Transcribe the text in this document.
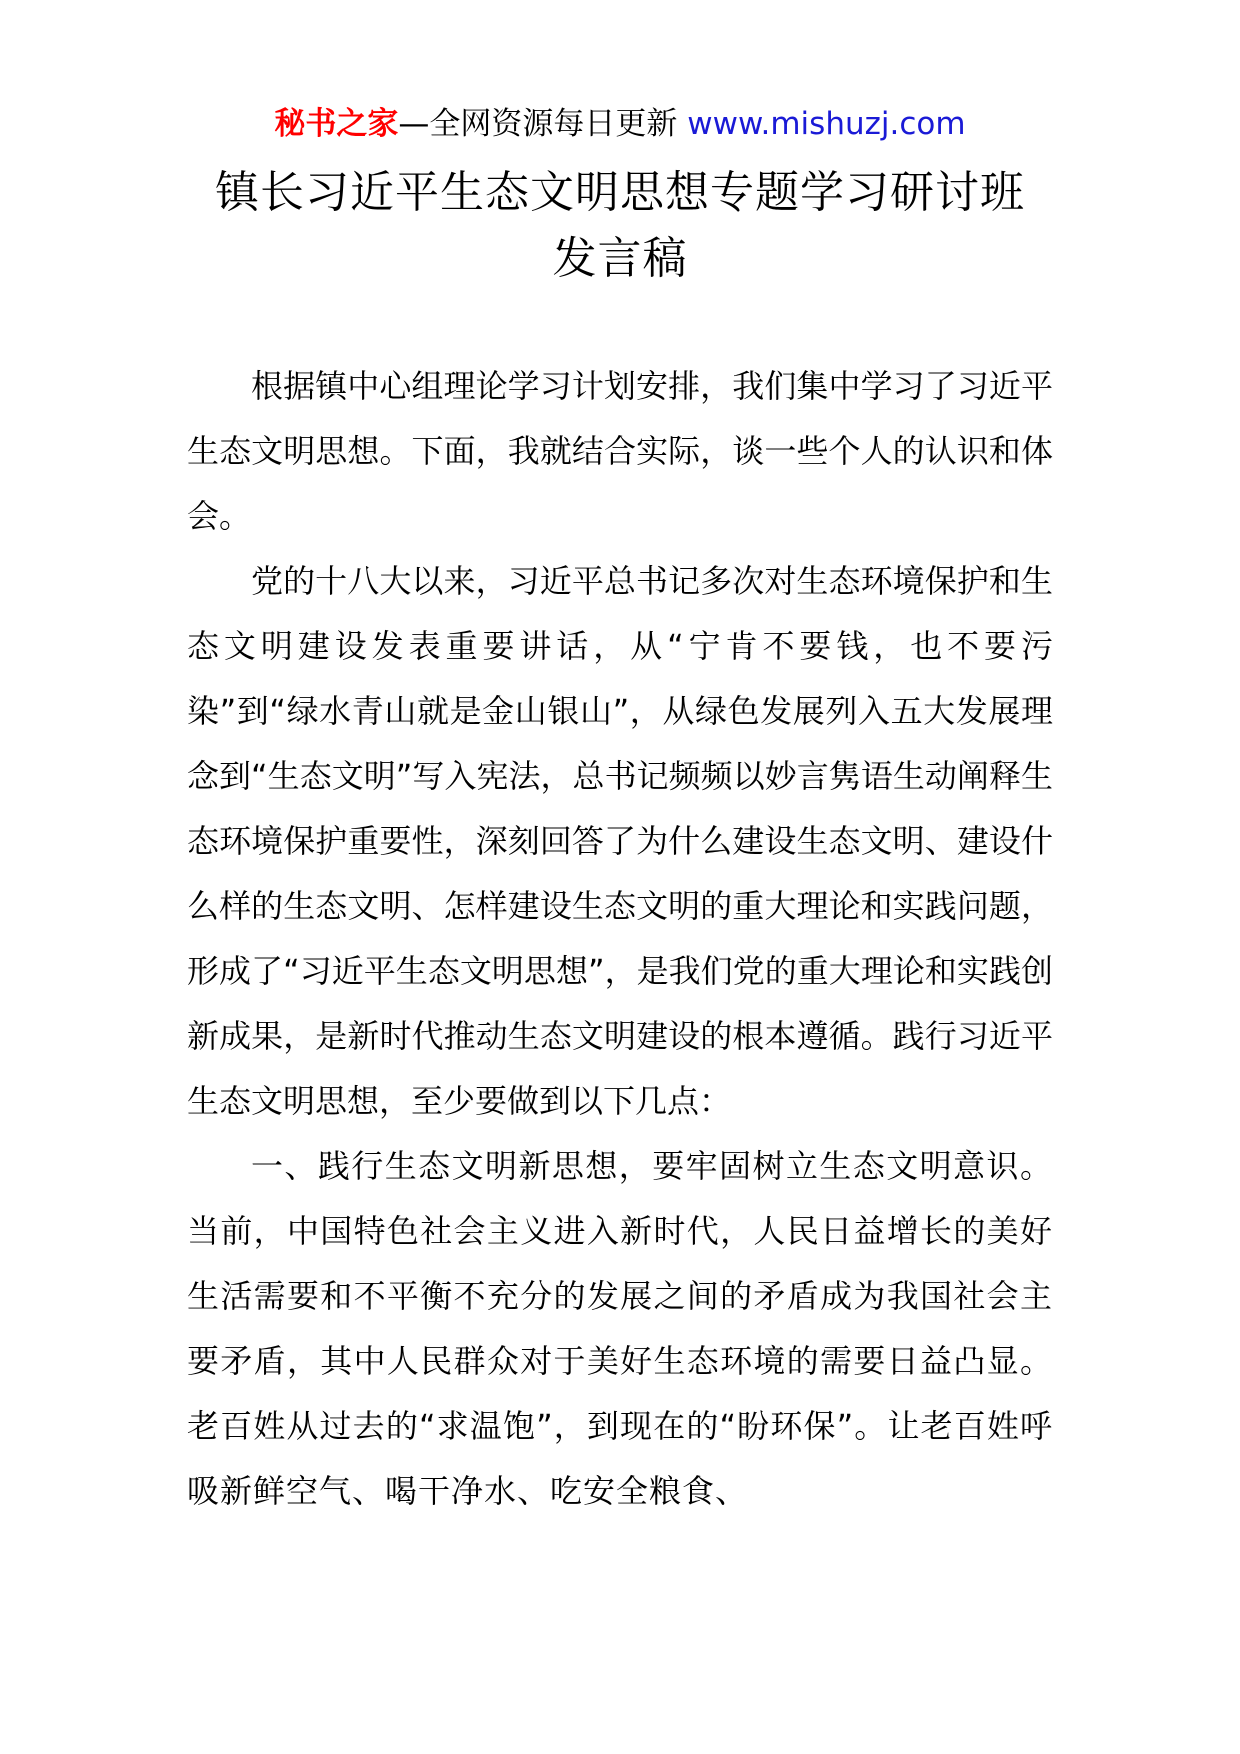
秘书之家—全网资源每日更新 www.mishuzj.com
镇长习近平生态文明思想专题学习研讨班
发言稿

根据镇中心组理论学习计划安排，我们集中学习了习近平生态文明思想。下面，我就结合实际，谈一些个人的认识和体会。

党的十八大以来，习近平总书记多次对生态环境保护和生态文明建设发表重要讲话，从“宁肯不要钱，也不要污染”到“绿水青山就是金山银山”，从绿色发展列入五大发展理念到“生态文明”写入宪法，总书记频频以妙言隽语生动阐释生态环境保护重要性，深刻回答了为什么建设生态文明、建设什么样的生态文明、怎样建设生态文明的重大理论和实践问题，形成了“习近平生态文明思想”，是我们党的重大理论和实践创新成果，是新时代推动生态文明建设的根本遵循。践行习近平生态文明思想，至少要做到以下几点：

一、践行生态文明新思想，要牢固树立生态文明意识。当前，中国特色社会主义进入新时代，人民日益增长的美好生活需要和不平衡不充分的发展之间的矛盾成为我国社会主要矛盾，其中人民群众对于美好生态环境的需要日益凸显。老百姓从过去的“求温饱”，到现在的“盼环保”。让老百姓呼吸新鲜空气、喝干净水、吃安全粮食、
